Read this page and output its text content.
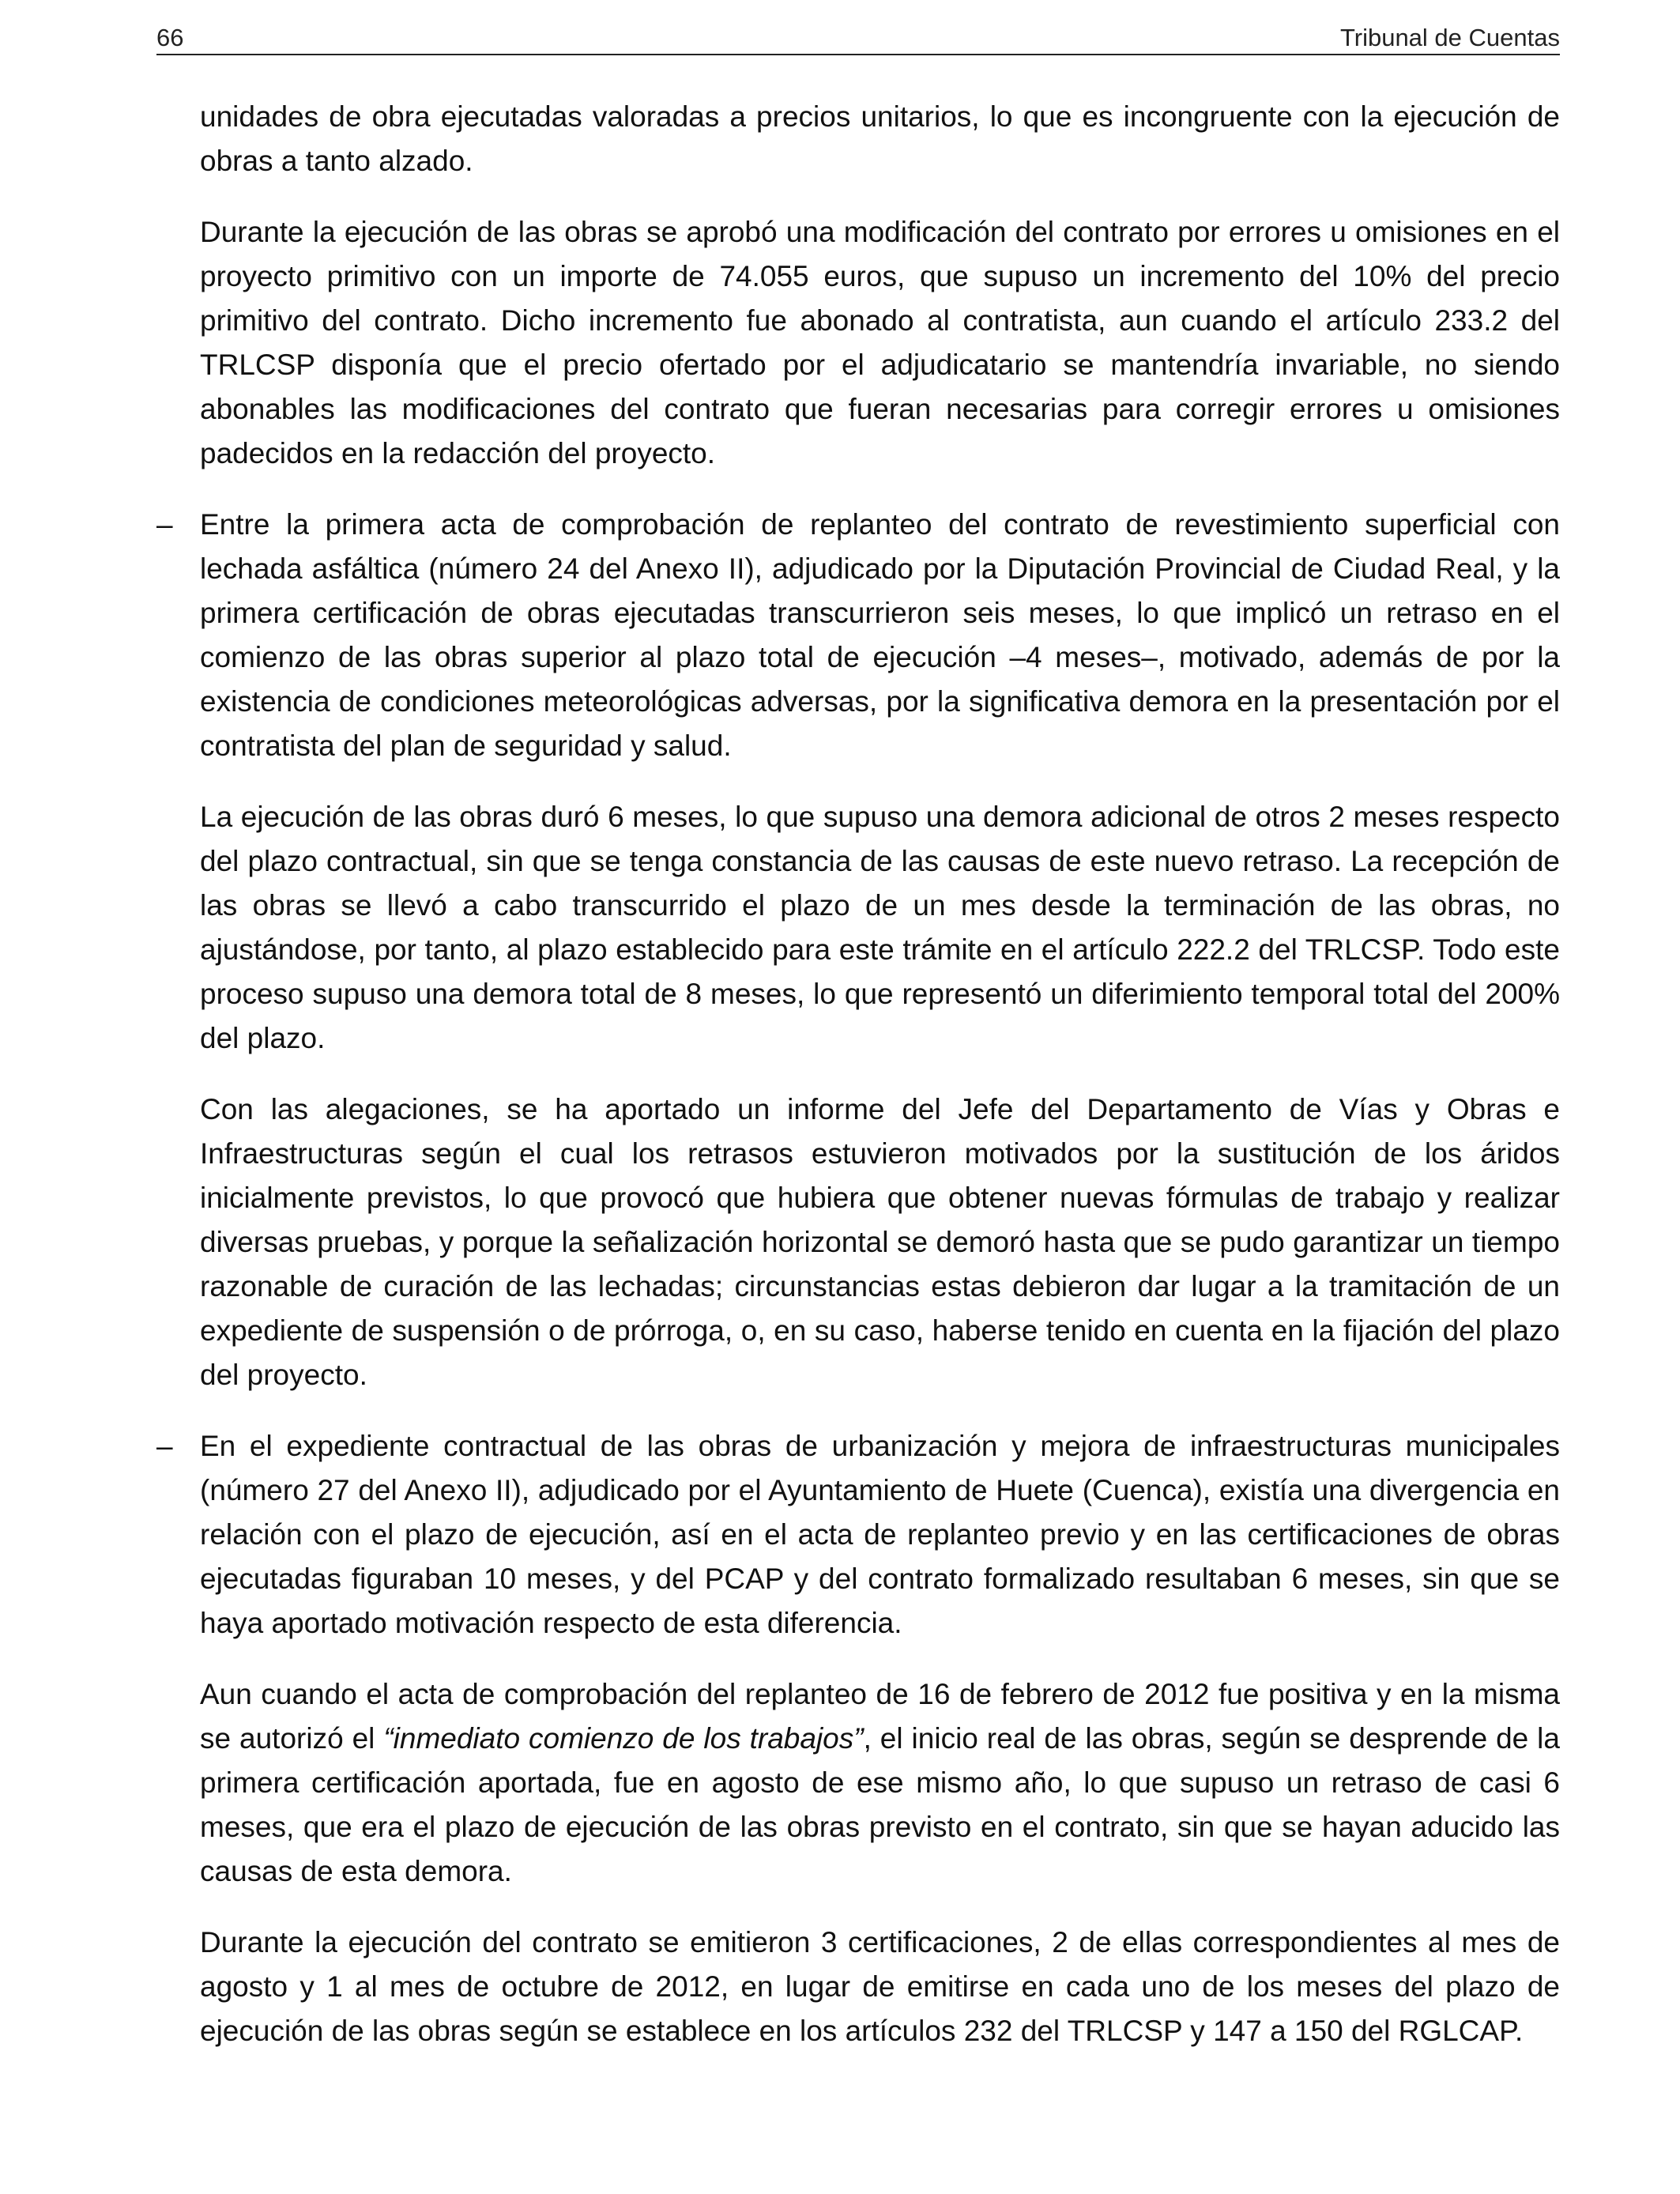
66	Tribunal de Cuentas

unidades de obra ejecutadas valoradas a precios unitarios, lo que es incongruente con la ejecución de obras a tanto alzado.

Durante la ejecución de las obras se aprobó una modificación del contrato por errores u omisiones en el proyecto primitivo con un importe de 74.055 euros, que supuso un incremento del 10% del precio primitivo del contrato. Dicho incremento fue abonado al contratista, aun cuando el artículo 233.2 del TRLCSP disponía que el precio ofertado por el adjudicatario se mantendría invariable, no siendo abonables las modificaciones del contrato que fueran necesarias para corregir errores u omisiones padecidos en la redacción del proyecto.

– Entre la primera acta de comprobación de replanteo del contrato de revestimiento superficial con lechada asfáltica (número 24 del Anexo II), adjudicado por la Diputación Provincial de Ciudad Real, y la primera certificación de obras ejecutadas transcurrieron seis meses, lo que implicó un retraso en el comienzo de las obras superior al plazo total de ejecución –4 meses–, motivado, además de por la existencia de condiciones meteorológicas adversas, por la significativa demora en la presentación por el contratista del plan de seguridad y salud.

La ejecución de las obras duró 6 meses, lo que supuso una demora adicional de otros 2 meses respecto del plazo contractual, sin que se tenga constancia de las causas de este nuevo retraso. La recepción de las obras se llevó a cabo transcurrido el plazo de un mes desde la terminación de las obras, no ajustándose, por tanto, al plazo establecido para este trámite en el artículo 222.2 del TRLCSP. Todo este proceso supuso una demora total de 8 meses, lo que representó un diferimiento temporal total del 200% del plazo.

Con las alegaciones, se ha aportado un informe del Jefe del Departamento de Vías y Obras e Infraestructuras según el cual los retrasos estuvieron motivados por la sustitución de los áridos inicialmente previstos, lo que provocó que hubiera que obtener nuevas fórmulas de trabajo y realizar diversas pruebas, y porque la señalización horizontal se demoró hasta que se pudo garantizar un tiempo razonable de curación de las lechadas; circunstancias estas debieron dar lugar a la tramitación de un expediente de suspensión o de prórroga, o, en su caso, haberse tenido en cuenta en la fijación del plazo del proyecto.

– En el expediente contractual de las obras de urbanización y mejora de infraestructuras municipales (número 27 del Anexo II), adjudicado por el Ayuntamiento de Huete (Cuenca), existía una divergencia en relación con el plazo de ejecución, así en el acta de replanteo previo y en las certificaciones de obras ejecutadas figuraban 10 meses, y del PCAP y del contrato formalizado resultaban 6 meses, sin que se haya aportado motivación respecto de esta diferencia.

Aun cuando el acta de comprobación del replanteo de 16 de febrero de 2012 fue positiva y en la misma se autorizó el “inmediato comienzo de los trabajos”, el inicio real de las obras, según se desprende de la primera certificación aportada, fue en agosto de ese mismo año, lo que supuso un retraso de casi 6 meses, que era el plazo de ejecución de las obras previsto en el contrato, sin que se hayan aducido las causas de esta demora.

Durante la ejecución del contrato se emitieron 3 certificaciones, 2 de ellas correspondientes al mes de agosto y 1 al mes de octubre de 2012, en lugar de emitirse en cada uno de los meses del plazo de ejecución de las obras según se establece en los artículos 232 del TRLCSP y 147 a 150 del RGLCAP.
